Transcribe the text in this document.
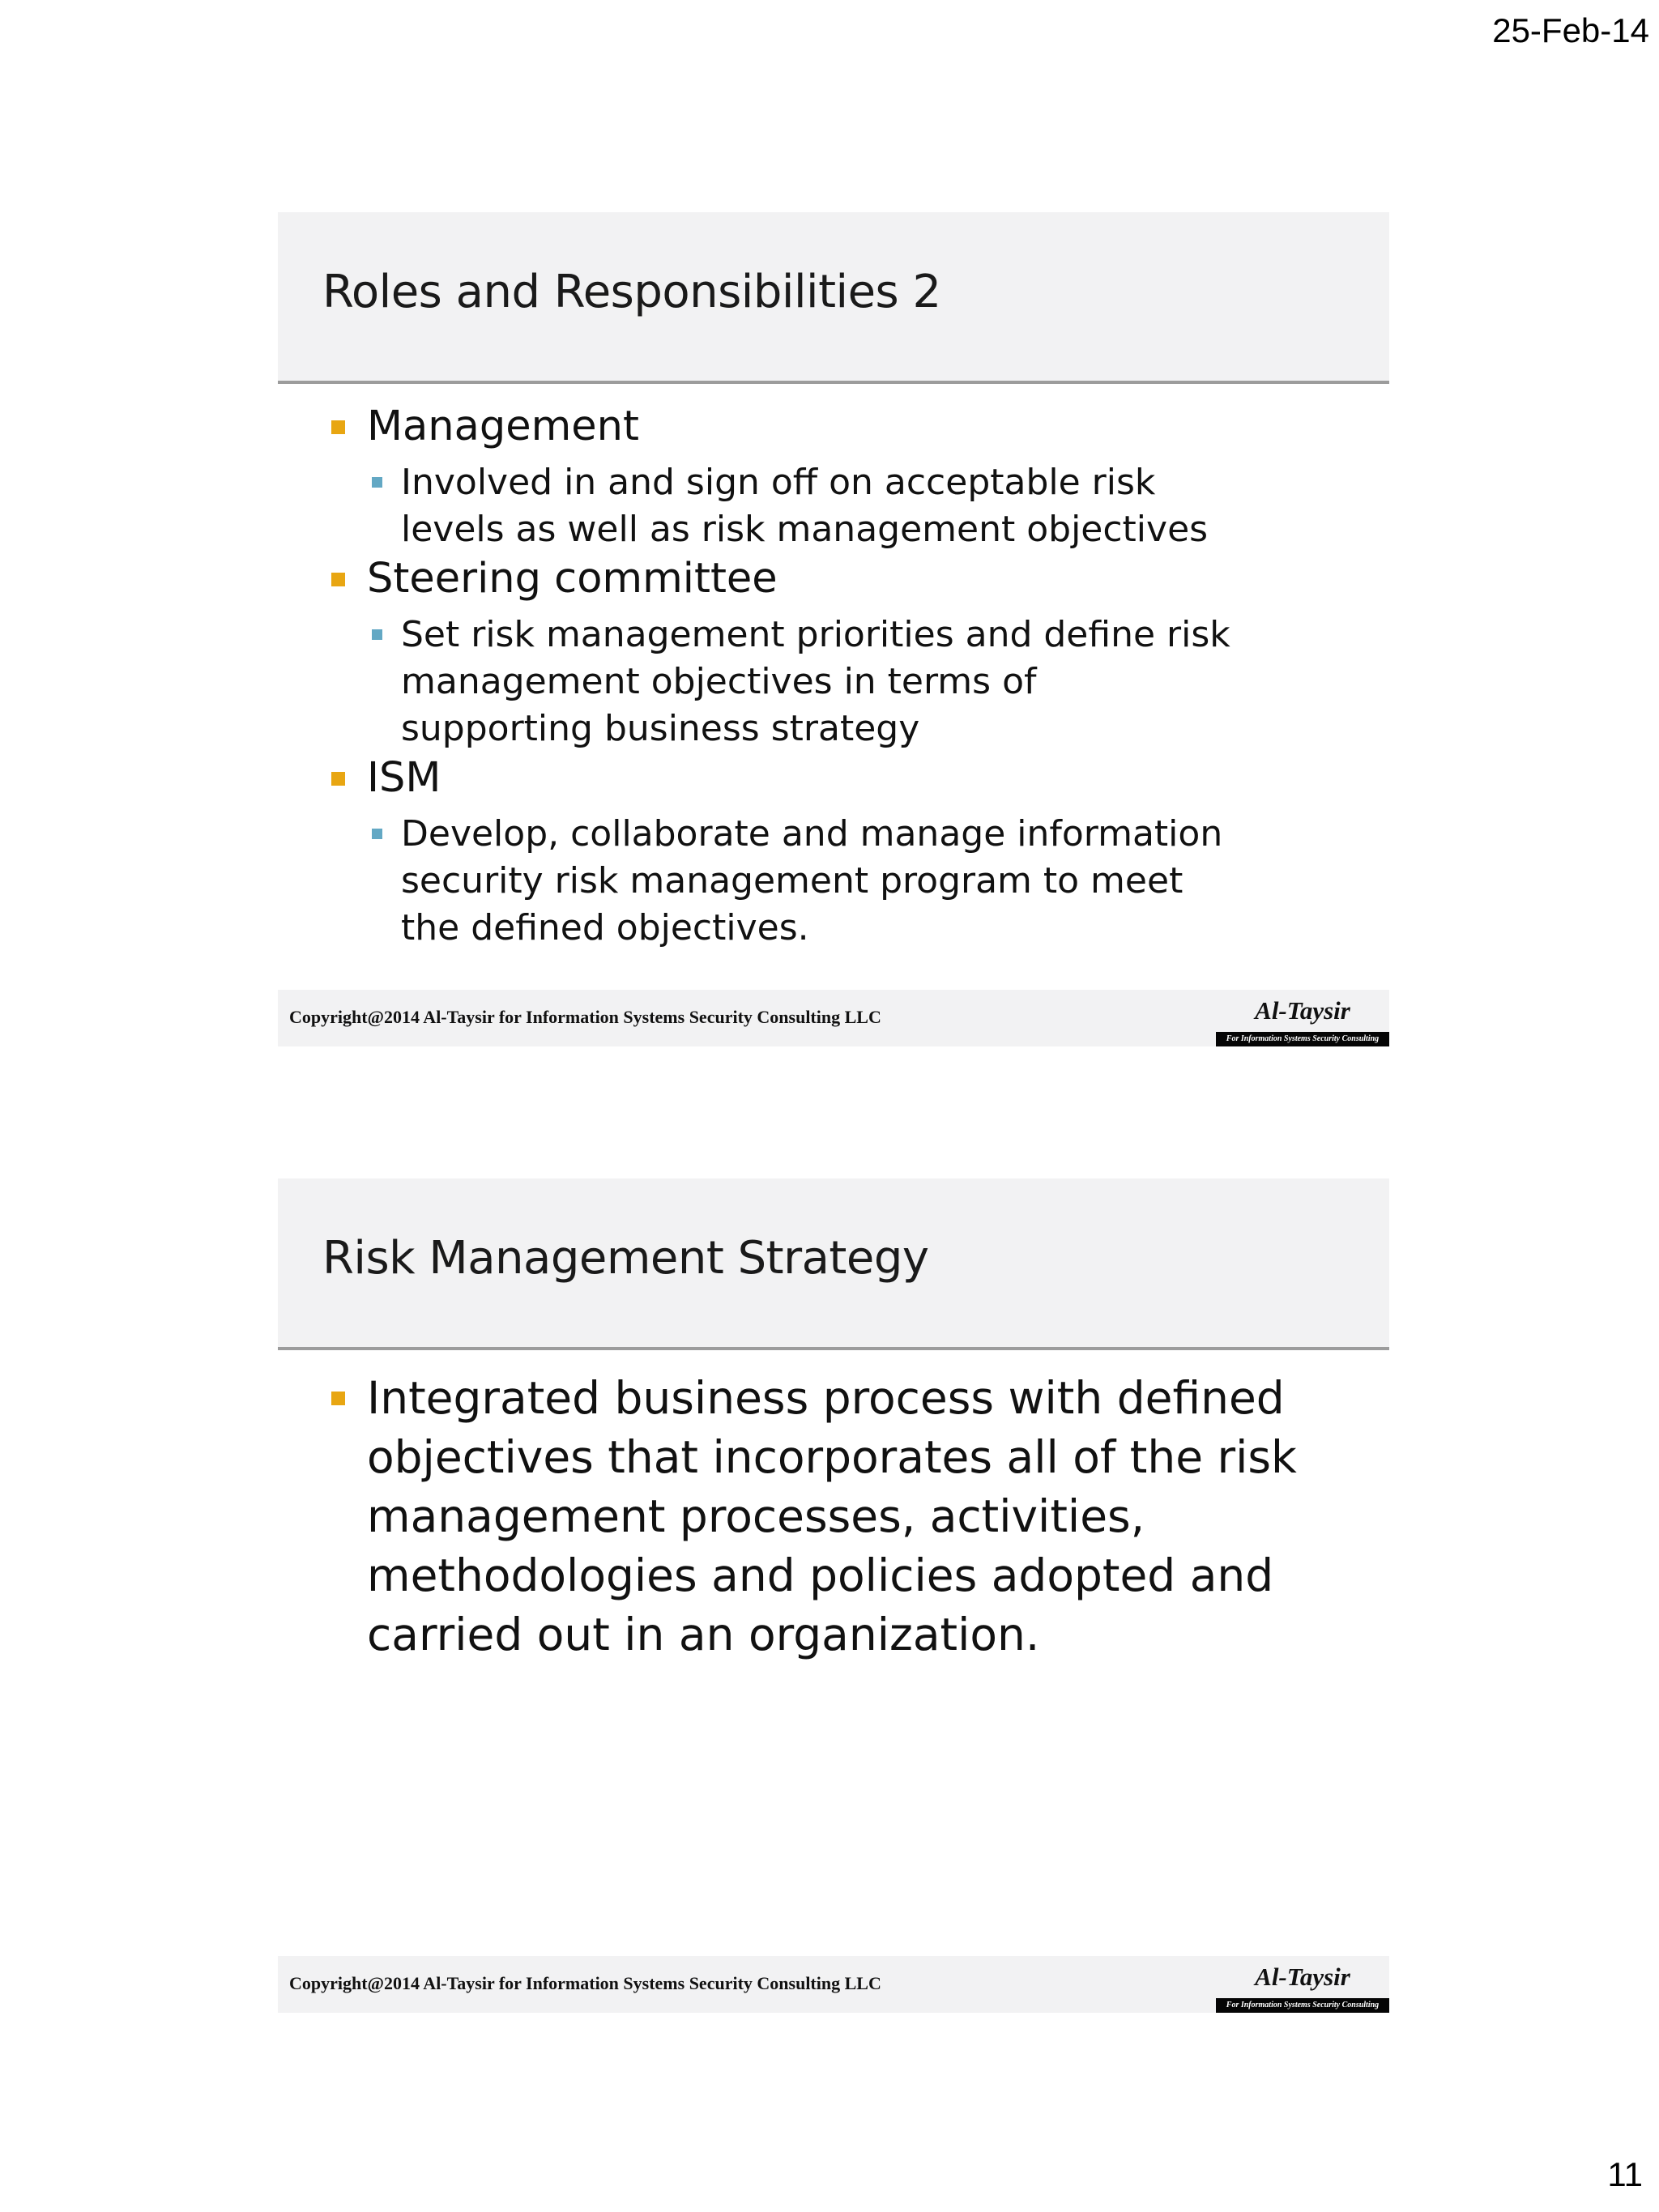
25-Feb-14
Roles and Responsibilities 2
Management
Involved in and sign off on acceptable risk levels as well as risk management objectives
Steering committee
Set risk management priorities and define risk management objectives in terms of supporting business strategy
ISM
Develop, collaborate and manage information security risk management program to meet the defined objectives.
Copyright@2014 Al-Taysir for Information Systems Security Consulting LLC	Al-Taysir
For Information Systems Security Consulting
Risk Management Strategy
Integrated business process with defined objectives that incorporates all of the risk management processes, activities, methodologies and policies adopted and carried out in an organization.
Copyright@2014 Al-Taysir for Information Systems Security Consulting LLC	Al-Taysir
For Information Systems Security Consulting
11
